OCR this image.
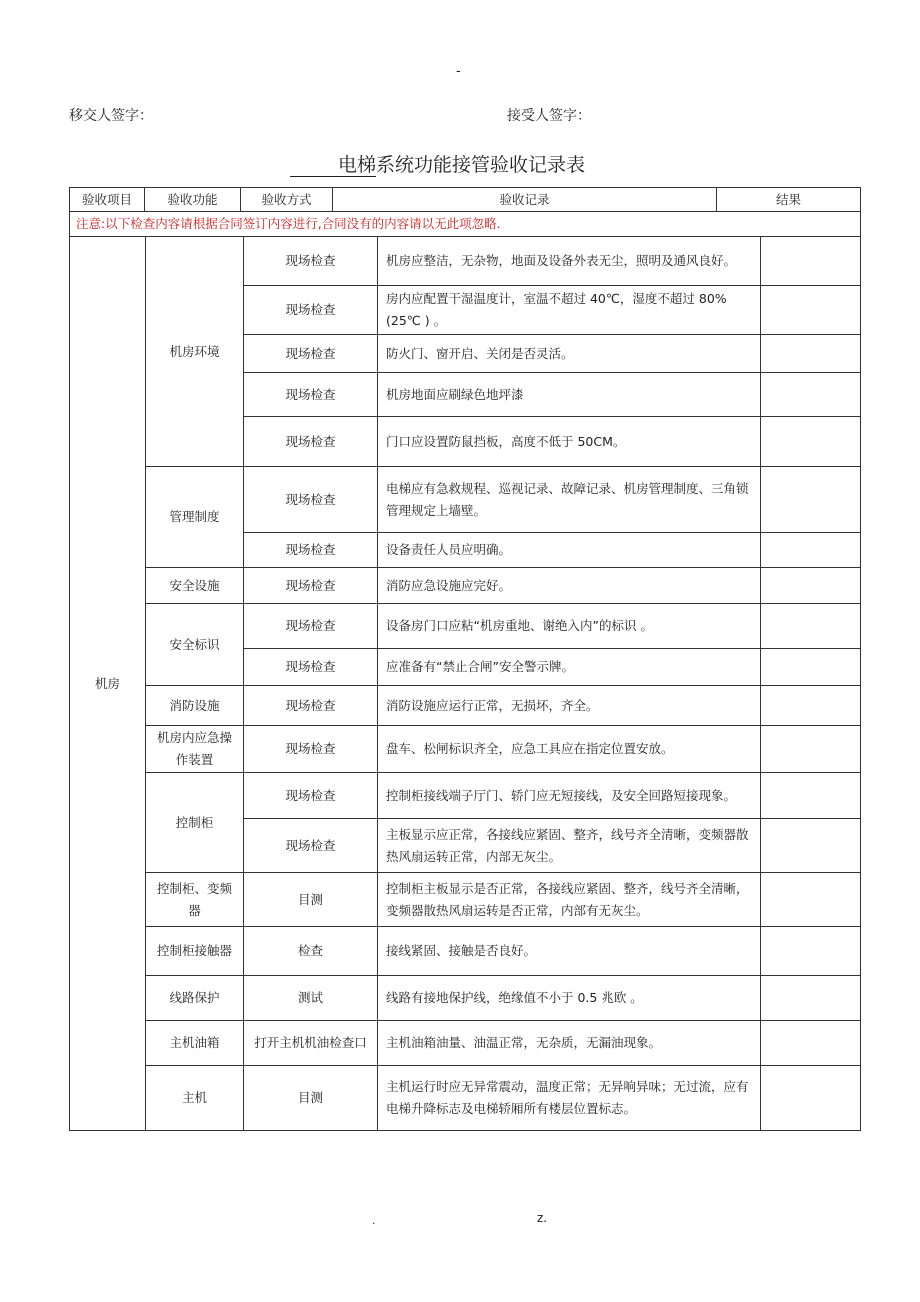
-
移交人签字：	接受人签字：
电梯系统功能接管验收记录表
验收项目	验收功能	验收方式	验收记录	结果
注意:以下检查内容请根据合同签订内容进行,合同没有的内容请以无此项忽略.
机房	机房环境	现场检查	机房应整洁，无杂物，地面及设备外表无尘，照明及通风良好。	
		现场检查	房内应配置干湿温度计，室温不超过 40℃，湿度不超过 80%(25℃ ) 。	
		现场检查	防火门、窗开启、关闭是否灵活。	
		现场检查	机房地面应刷绿色地坪漆	
		现场检查	门口应设置防鼠挡板，高度不低于 50CM。	
	管理制度	现场检查	电梯应有急救规程、巡视记录、故障记录、机房管理制度、三角锁管理规定上墙壁。	
		现场检查	设备责任人员应明确。	
	安全设施	现场检查	消防应急设施应完好。	
	安全标识	现场检查	设备房门口应粘“机房重地、谢绝入内”的标识 。	
		现场检查	应准备有“禁止合闸”安全警示牌。	
	消防设施	现场检查	消防设施应运行正常，无损坏，齐全。	
	机房内应急操作装置	现场检查	盘车、松闸标识齐全，应急工具应在指定位置安放。	
	控制柜	现场检查	控制柜接线端子厅门、轿门应无短接线，及安全回路短接现象。	
		现场检查	主板显示应正常，各接线应紧固、整齐，线号齐全清晰，变频器散热风扇运转正常，内部无灰尘。	
	控制柜、变频器	目测	控制柜主板显示是否正常，各接线应紧固、整齐，线号齐全清晰，变频器散热风扇运转是否正常，内部有无灰尘。	
	控制柜接触器	检查	接线紧固、接触是否良好。	
	线路保护	测试	线路有接地保护线，绝缘值不小于 0.5 兆欧 。	
	主机油箱	打开主机机油检查口	主机油箱油量、油温正常，无杂质，无漏油现象。	
	主机	目测	主机运行时应无异常震动，温度正常；无异响异味；无过流，应有电梯升降标志及电梯轿厢所有楼层位置标志。	
.	z.
